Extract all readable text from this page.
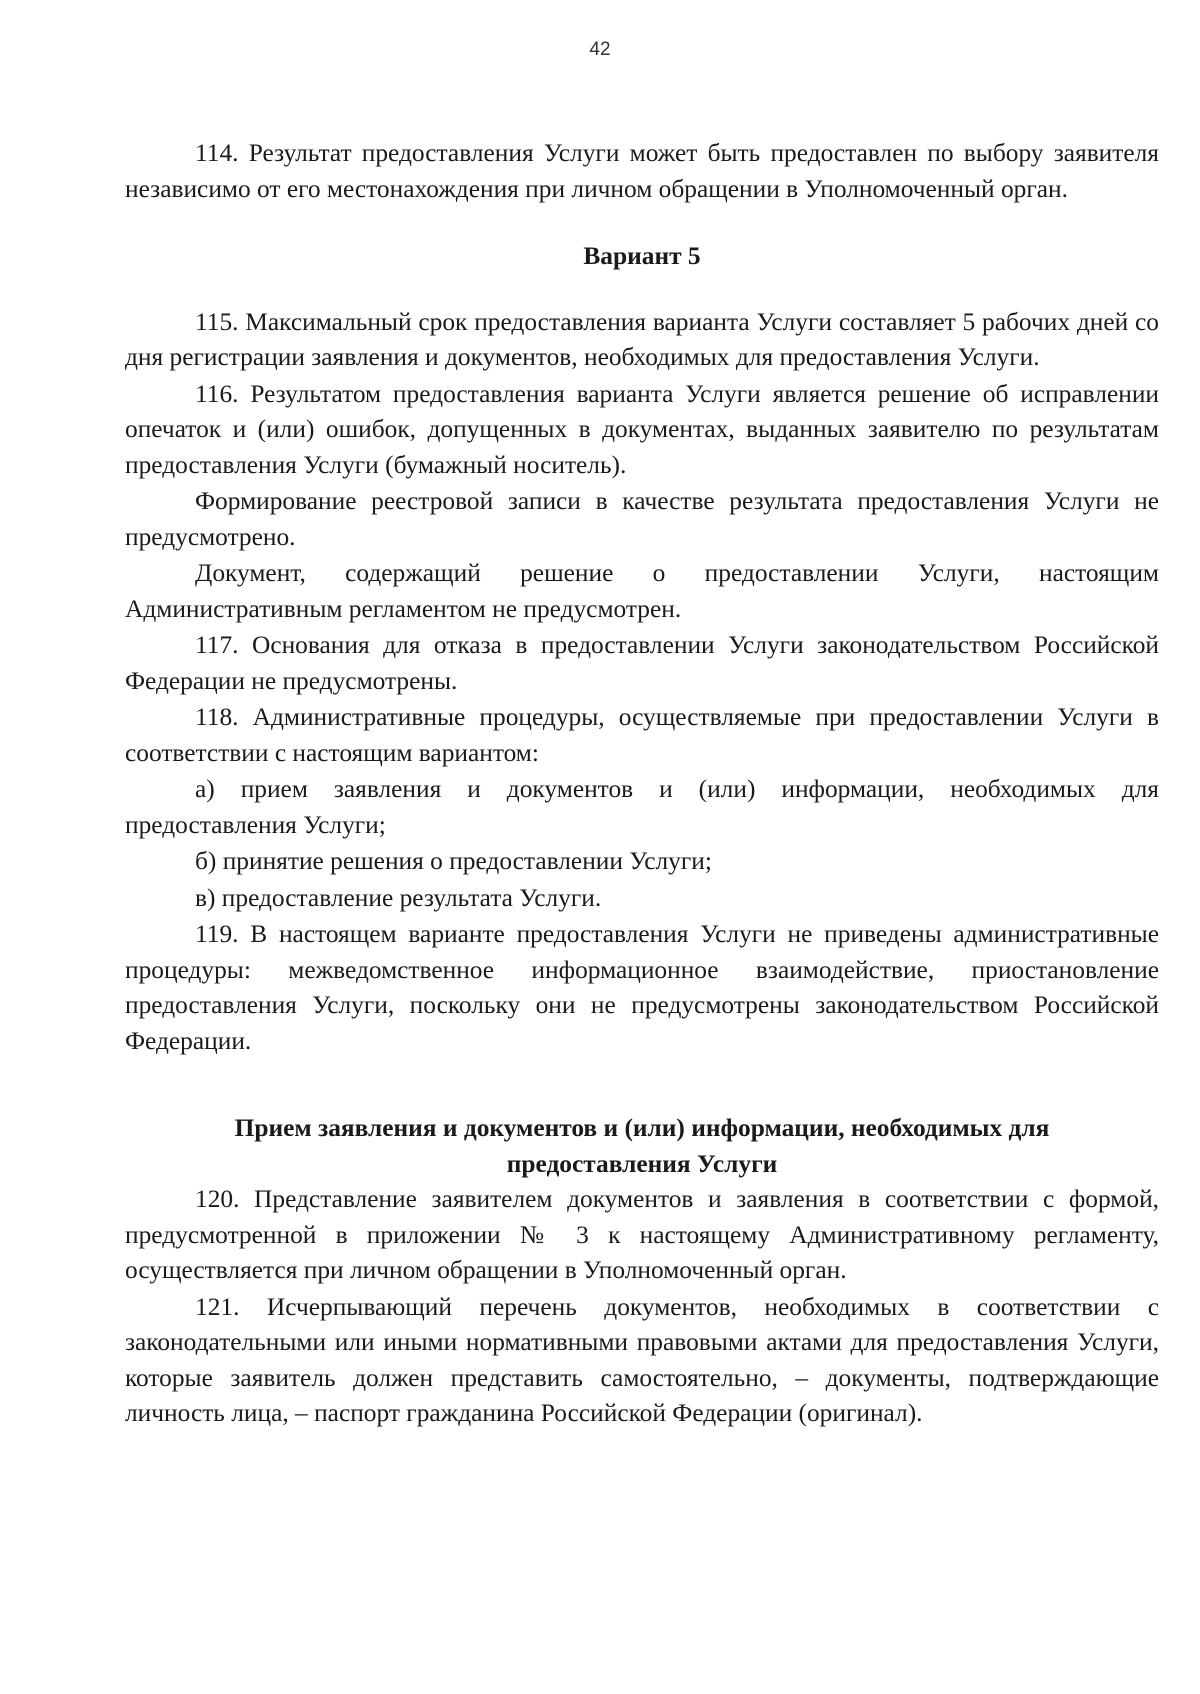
42

114. Результат предоставления Услуги может быть предоставлен по выбору заявителя независимо от его местонахождения при личном обращении в Уполномоченный орган.

Вариант 5

115. Максимальный срок предоставления варианта Услуги составляет 5 рабочих дней со дня регистрации заявления и документов, необходимых для предоставления Услуги.

116. Результатом предоставления варианта Услуги является решение об исправлении опечаток и (или) ошибок, допущенных в документах, выданных заявителю по результатам предоставления Услуги (бумажный носитель).

Формирование реестровой записи в качестве результата предоставления Услуги не предусмотрено.

Документ, содержащий решение о предоставлении Услуги, настоящим Административным регламентом не предусмотрен.

117. Основания для отказа в предоставлении Услуги законодательством Российской Федерации не предусмотрены.

118. Административные процедуры, осуществляемые при предоставлении Услуги в соответствии с настоящим вариантом:

а) прием заявления и документов и (или) информации, необходимых для предоставления Услуги;

б) принятие решения о предоставлении Услуги;

в) предоставление результата Услуги.

119. В настоящем варианте предоставления Услуги не приведены административные процедуры: межведомственное информационное взаимодействие, приостановление предоставления Услуги, поскольку они не предусмотрены законодательством Российской Федерации.

Прием заявления и документов и (или) информации, необходимых для предоставления Услуги

120. Представление заявителем документов и заявления в соответствии с формой, предусмотренной в приложении № 3 к настоящему Административному регламенту, осуществляется при личном обращении в Уполномоченный орган.

121. Исчерпывающий перечень документов, необходимых в соответствии с законодательными или иными нормативными правовыми актами для предоставления Услуги, которые заявитель должен представить самостоятельно, – документы, подтверждающие личность лица, – паспорт гражданина Российской Федерации (оригинал).
